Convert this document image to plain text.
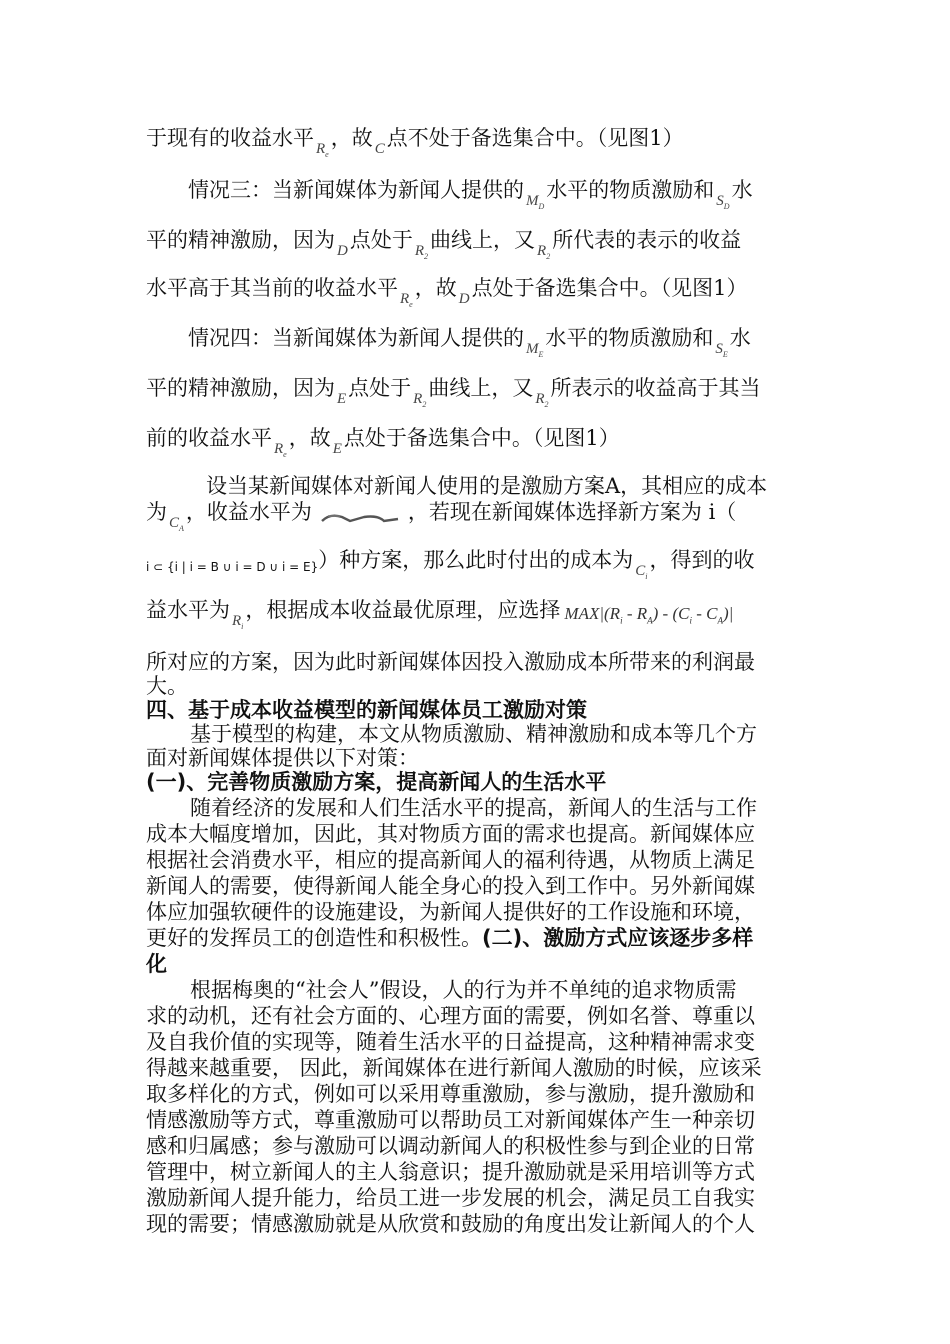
于现有的收益水平 $_{R_e}$，故 $_C$点不处于备选集合中。（见图1）
情况三：当新闻媒体为新闻人提供的 $_{M_D}$水平的物质激励和 $_{S_D}$水
平的精神激励，因为 $_D$点处于 $_{R_2}$曲线上，又 $_{R_2}$所代表的表示的收益
水平高于其当前的收益水平 $_{R_e}$，故 $_D$点处于备选集合中。（见图1）
情况四：当新闻媒体为新闻人提供的 $_{M_E}$水平的物质激励和 $_{S_E}$水
平的精神激励，因为 $_E$点处于 $_{R_2}$曲线上，又 $_{R_2}$所表示的收益高于其当
前的收益水平 $_{R_e}$，故 $_E$点处于备选集合中。（见图1）
设当某新闻媒体对新闻人使用的是激励方案A，其相应的成本
为 $_{C_A}$，收益水平为	，若现在新闻媒体选择新方案为 i（
i ⊂ {i | i = B ∪ i = D ∪ i = E}）种方案，那么此时付出的成本为 $_{C_i}$，得到的收
益水平为 $_{R_i}$，根据成本收益最优原理，应选择 $MAX|(R_i - R_A) - (C_i - C_A)|$
所对应的方案，因为此时新闻媒体因投入激励成本所带来的利润最
大。
四、基于成本收益模型的新闻媒体员工激励对策
基于模型的构建，本文从物质激励、精神激励和成本等几个方
面对新闻媒体提供以下对策：
(一)、完善物质激励方案，提高新闻人的生活水平
随着经济的发展和人们生活水平的提高，新闻人的生活与工作
成本大幅度增加，因此，其对物质方面的需求也提高。新闻媒体应
根据社会消费水平，相应的提高新闻人的福利待遇，从物质上满足
新闻人的需要，使得新闻人能全身心的投入到工作中。另外新闻媒
体应加强软硬件的设施建设，为新闻人提供好的工作设施和环境，
更好的发挥员工的创造性和积极性。(二)、激励方式应该逐步多样
化
根据梅奥的“社会人”假设，人的行为并不单纯的追求物质需
求的动机，还有社会方面的、心理方面的需要，例如名誉、尊重以
及自我价值的实现等，随着生活水平的日益提高，这种精神需求变
得越来越重要， 因此，新闻媒体在进行新闻人激励的时候，应该采
取多样化的方式，例如可以采用尊重激励，参与激励，提升激励和
情感激励等方式，尊重激励可以帮助员工对新闻媒体产生一种亲切
感和归属感；参与激励可以调动新闻人的积极性参与到企业的日常
管理中，树立新闻人的主人翁意识；提升激励就是采用培训等方式
激励新闻人提升能力，给员工进一步发展的机会，满足员工自我实
现的需要；情感激励就是从欣赏和鼓励的角度出发让新闻人的个人
